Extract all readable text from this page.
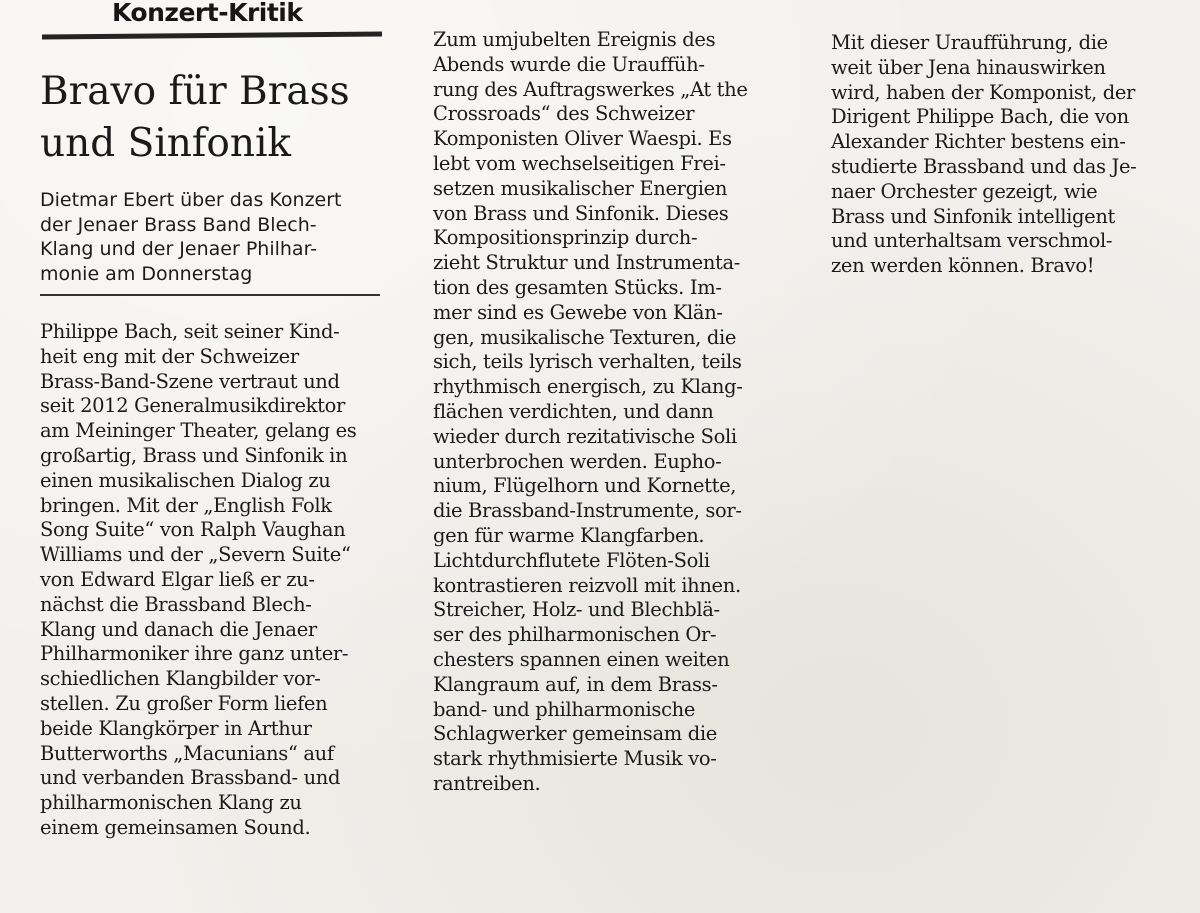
Konzert-Kritik
Bravo für Brass
und Sinfonik

Dietmar Ebert über das Konzert
der Jenaer Brass Band Blech-
Klang und der Jenaer Philhar-
monie am Donnerstag

Philippe Bach, seit seiner Kind-
heit eng mit der Schweizer
Brass-Band-Szene vertraut und
seit 2012 Generalmusikdirektor
am Meininger Theater, gelang es
großartig, Brass und Sinfonik in
einen musikalischen Dialog zu
bringen. Mit der „English Folk
Song Suite“ von Ralph Vaughan
Williams und der „Severn Suite“
von Edward Elgar ließ er zu-
nächst die Brassband Blech-
Klang und danach die Jenaer
Philharmoniker ihre ganz unter-
schiedlichen Klangbilder vor-
stellen. Zu großer Form liefen
beide Klangkörper in Arthur
Butterworths „Macunians“ auf
und verbanden Brassband- und
philharmonischen Klang zu
einem gemeinsamen Sound.

Zum umjubelten Ereignis des
Abends wurde die Urauffüh-
rung des Auftragswerkes „At the
Crossroads“ des Schweizer
Komponisten Oliver Waespi. Es
lebt vom wechselseitigen Frei-
setzen musikalischer Energien
von Brass und Sinfonik. Dieses
Kompositionsprinzip durch-
zieht Struktur und Instrumenta-
tion des gesamten Stücks. Im-
mer sind es Gewebe von Klän-
gen, musikalische Texturen, die
sich, teils lyrisch verhalten, teils
rhythmisch energisch, zu Klang-
flächen verdichten, und dann
wieder durch rezitativische Soli
unterbrochen werden. Eupho-
nium, Flügelhorn und Kornette,
die Brassband-Instrumente, sor-
gen für warme Klangfarben.
Lichtdurchflutete Flöten-Soli
kontrastieren reizvoll mit ihnen.
Streicher, Holz- und Blechblä-
ser des philharmonischen Or-
chesters spannen einen weiten
Klangraum auf, in dem Brass-
band- und philharmonische
Schlagwerker gemeinsam die
stark rhythmisierte Musik vo-
rantreiben.

Mit dieser Uraufführung, die
weit über Jena hinauswirken
wird, haben der Komponist, der
Dirigent Philippe Bach, die von
Alexander Richter bestens ein-
studierte Brassband und das Je-
naer Orchester gezeigt, wie
Brass und Sinfonik intelligent
und unterhaltsam verschmol-
zen werden können. Bravo!
